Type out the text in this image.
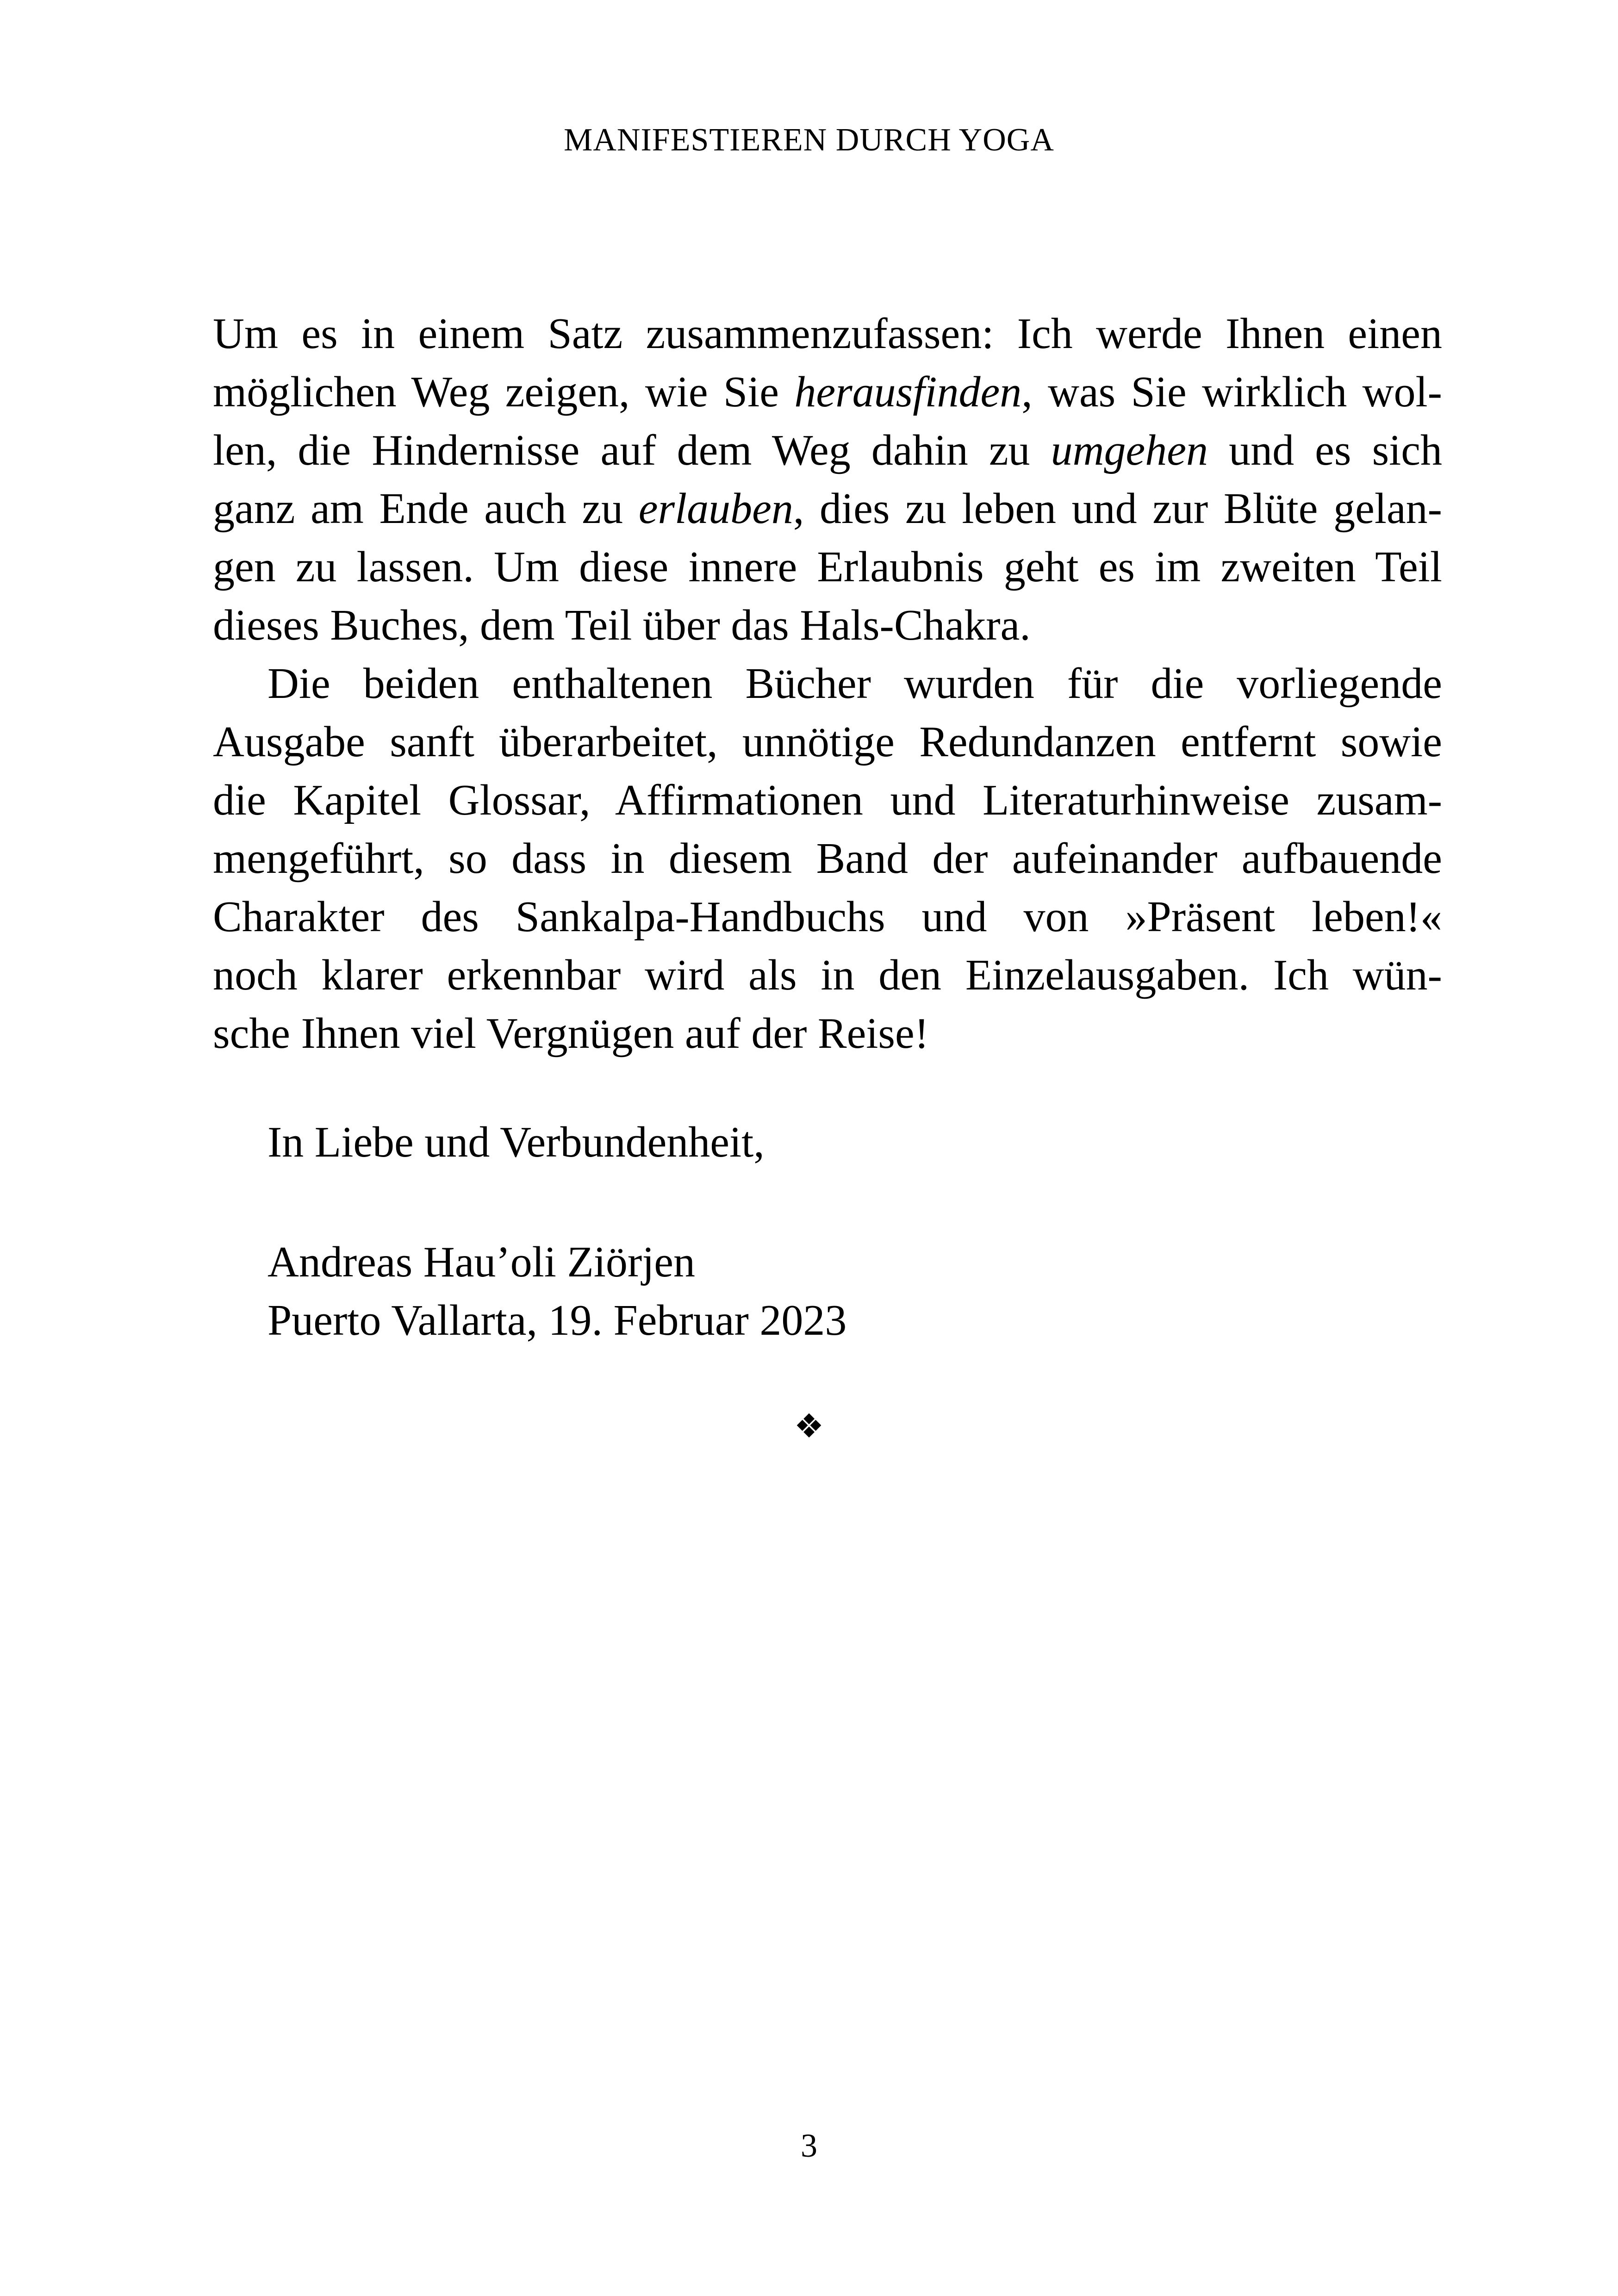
MANIFESTIEREN DURCH YOGA

Um es in einem Satz zusammenzufassen: Ich werde Ihnen einen
möglichen Weg zeigen, wie Sie herausfinden, was Sie wirklich wol-
len, die Hindernisse auf dem Weg dahin zu umgehen und es sich
ganz am Ende auch zu erlauben, dies zu leben und zur Blüte gelan-
gen zu lassen. Um diese innere Erlaubnis geht es im zweiten Teil
dieses Buches, dem Teil über das Hals-Chakra.

Die beiden enthaltenen Bücher wurden für die vorliegende
Ausgabe sanft überarbeitet, unnötige Redundanzen entfernt sowie
die Kapitel Glossar, Affirmationen und Literaturhinweise zusam-
mengeführt, so dass in diesem Band der aufeinander aufbauende
Charakter des Sankalpa-Handbuchs und von »Präsent leben!«
noch klarer erkennbar wird als in den Einzelausgaben. Ich wün-
sche Ihnen viel Vergnügen auf der Reise!

In Liebe und Verbundenheit,
Andreas Hau’oli Ziörjen
Puerto Vallarta, 19. Februar 2023
❖
3
